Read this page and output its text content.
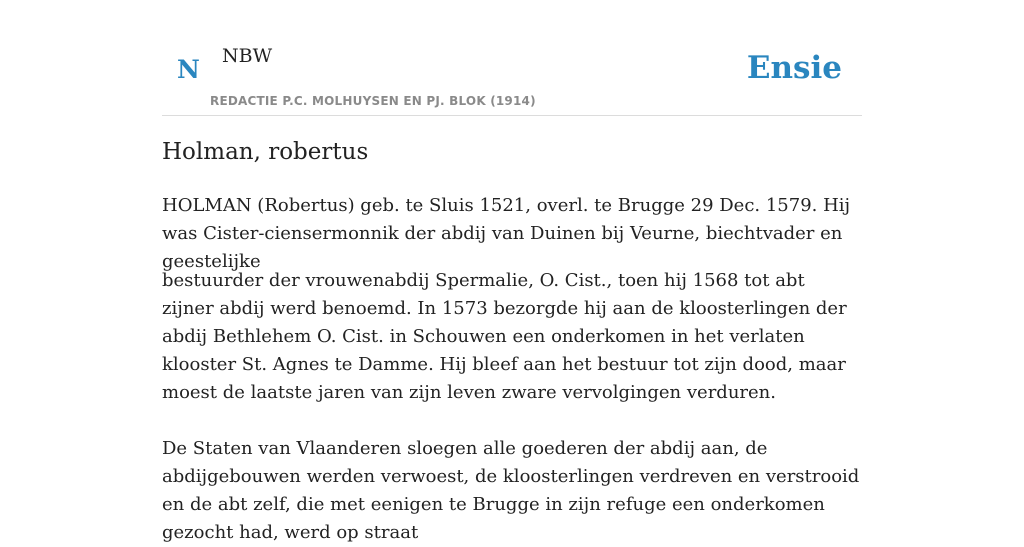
N NBW
REDACTIE P.C. MOLHUYSEN EN PJ. BLOK (1914)
Ensie
Holman, robertus

HOLMAN (Robertus) geb. te Sluis 1521, overl. te Brugge 29 Dec. 1579. Hij was Cister-ciensermonnik der abdij van Duinen bij Veurne, biechtvader en geestelijke

bestuurder der vrouwenabdij Spermalie, O. Cist., toen hij 1568 tot abt zijner abdij werd benoemd. In 1573 bezorgde hij aan de kloosterlingen der abdij Bethlehem O. Cist. in Schouwen een onderkomen in het verlaten klooster St. Agnes te Damme. Hij bleef aan het bestuur tot zijn dood, maar moest de laatste jaren van zijn leven zware vervolgingen verduren.

De Staten van Vlaanderen sloegen alle goederen der abdij aan, de abdijgebouwen werden verwoest, de kloosterlingen verdreven en verstrooid en de abt zelf, die met eenigen te Brugge in zijn refuge een onderkomen gezocht had, werd op straat
